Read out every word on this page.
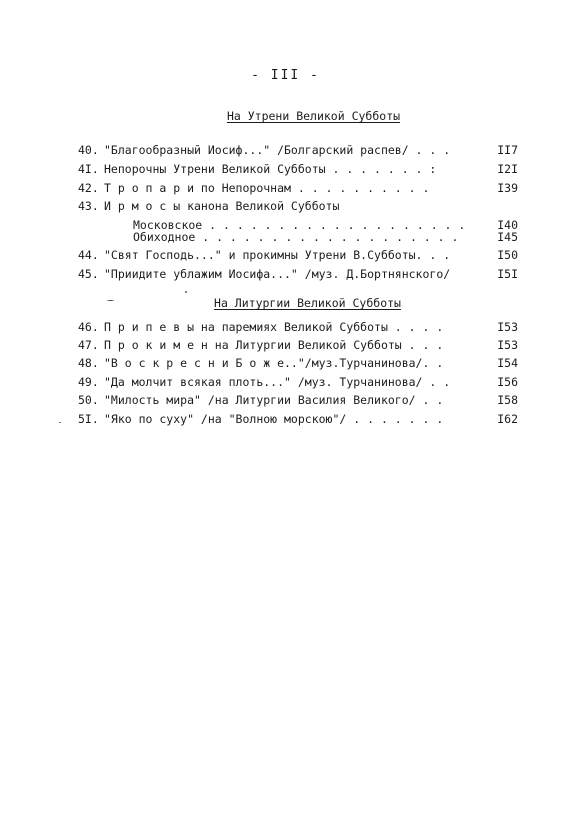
- III -
На Утрени Великой Субботы
40. "Благообразный Иосиф..." /Болгарский распев/ . . .	II7
4I. Непорочны Утрени Великой Субботы . . . . . . . :	I2I
42. Т р о п а р и по Непорочнам . . . . . . . . . .	I39
43. И р м о с ы канона Великой Субботы
Московское . . . . . . . . . . . . . . . . . . .	I40
Обиходное . . . . . . . . . . . . . . . . . . .	I45
44. "Свят Господь..." и прокимны Утрени В.Субботы. . .	I50
45. "Приидите ублажим Иосифа..." /муз. Д.Бортнянского/	I5I
На Литургии Великой Субботы
46. П р и п е в ы на паремиях Великой Субботы . . . .	I53
47. П р о к и м е н на Литургии Великой Субботы . . .	I53
48. "В о с к р е с н и Б о ж е.."/муз.Турчанинова/. .	I54
49. "Да молчит всякая плоть..." /муз. Турчанинова/ . .	I56
50. "Милость мира" /на Литургии Василия Великого/ . .	I58
5I. "Яко по суху" /на "Волною морскою"/ . . . . . . .	I62
